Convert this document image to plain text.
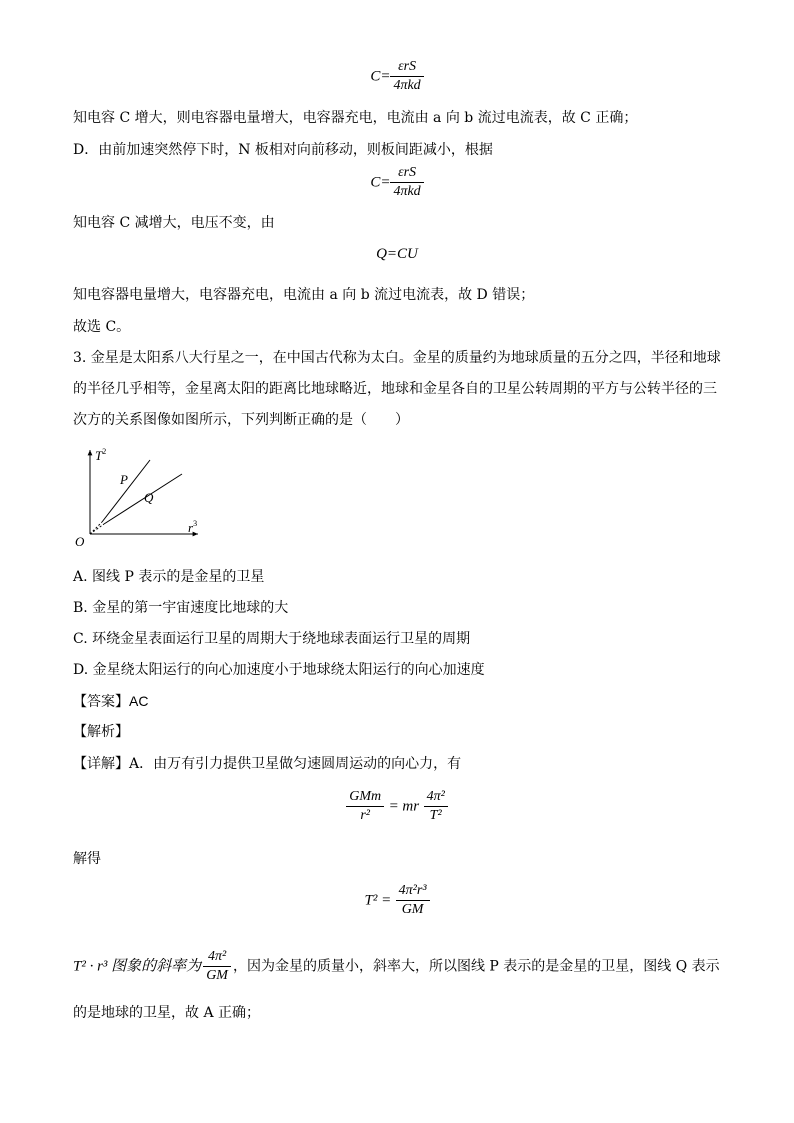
$C= \frac{\text{εrS}}{\text{4πkd}}$
知电容 C 增大，则电容器电量增大，电容器充电，电流由 a 向 b 流过电流表，故 C 正确；
D．由前加速突然停下时，N 板相对向前移动，则板间距减小，根据
$C= \frac{\text{εrS}}{\text{4πkd}}$
知电容 C 减增大，电压不变，由
Q=CU
知电容器电量增大，电容器充电，电流由 a 向 b 流过电流表，故 D 错误；
故选 C。
3. 金星是太阳系八大行星之一，在中国古代称为太白。金星的质量约为地球质量的五分之四，半径和地球
的半径几乎相等，金星离太阳的距离比地球略近，地球和金星各自的卫星公转周期的平方与公转半径的三
次方的关系图像如图所示，下列判断正确的是（　　）
$T^2$
$r^3$
O
P
Q
A. 图线 P 表示的是金星的卫星
B. 金星的第一宇宙速度比地球的大
C. 环绕金星表面运行卫星的周期大于绕地球表面运行卫星的周期
D. 金星绕太阳运行的向心加速度小于地球绕太阳运行的向心加速度
【答案】AC
【解析】
【详解】A．由万有引力提供卫星做匀速圆周运动的向心力，有
$\frac{\text{GMm}}{\text{r²}}$ = mr $\frac{\text{4π²}}{\text{T²}}$
解得
$T^2 = \frac{\text{4π²r³}}{GM}$
T² · r³ 图象的斜率为 $\frac{\text{4π²}}{GM}$ ，因为金星的质量小，斜率大，所以图线 P 表示的是金星的卫星，图线 Q 表示
的是地球的卫星，故 A 正确；
